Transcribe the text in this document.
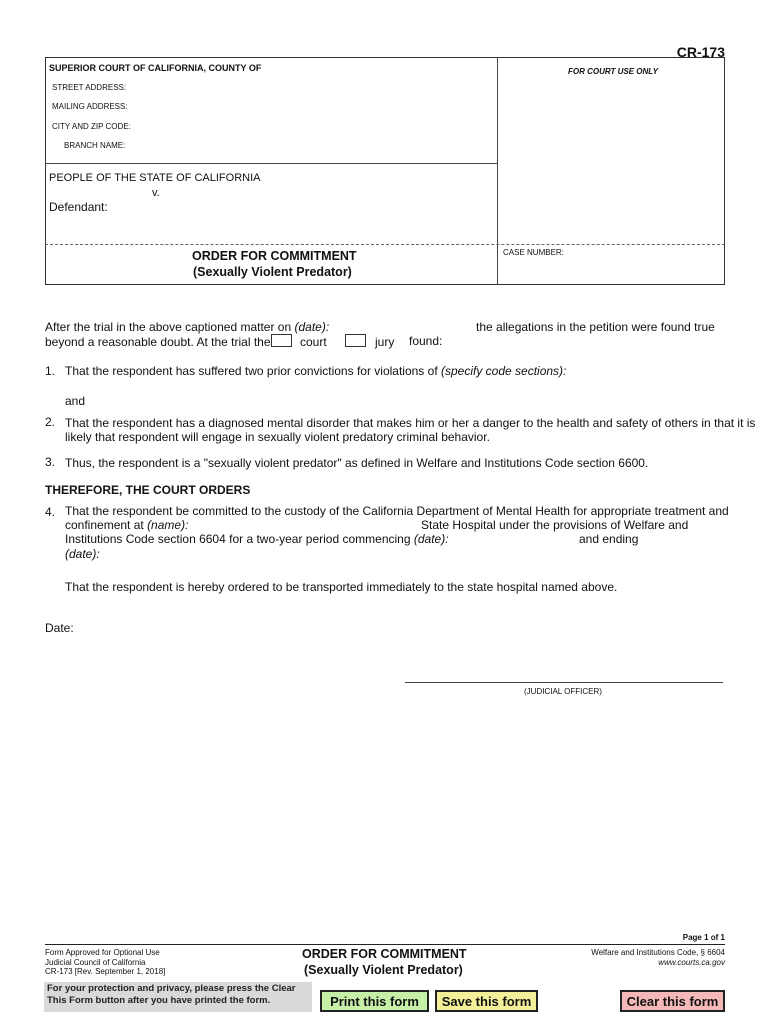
CR-173
SUPERIOR COURT OF CALIFORNIA, COUNTY OF	FOR COURT USE ONLY
STREET ADDRESS:
MAILING ADDRESS:
CITY AND ZIP CODE:
BRANCH NAME:
PEOPLE OF THE STATE OF CALIFORNIA
v.
Defendant:
ORDER FOR COMMITMENT
(Sexually Violent Predator)
CASE NUMBER:
After the trial in the above captioned matter on (date):	the allegations in the petition were found true
beyond a reasonable doubt. At the trial the court	jury found:
1. That the respondent has suffered two prior convictions for violations of (specify code sections):
and
2. That the respondent has a diagnosed mental disorder that makes him or her a danger to the health and safety of others in that it is
likely that respondent will engage in sexually violent predatory criminal behavior.
3. Thus, the respondent is a "sexually violent predator" as defined in Welfare and Institutions Code section 6600.
THEREFORE, THE COURT ORDERS
4. That the respondent be committed to the custody of the California Department of Mental Health for appropriate treatment and
confinement at (name):	State Hospital under the provisions of Welfare and
Institutions Code section 6604 for a two-year period commencing (date):	and ending
(date):
That the respondent is hereby ordered to be transported immediately to the state hospital named above.
Date:
(JUDICIAL OFFICER)
Page 1 of 1
Form Approved for Optional Use
Judicial Council of California
CR-173 [Rev. September 1, 2018]
ORDER FOR COMMITMENT
(Sexually Violent Predator)
Welfare and Institutions Code, § 6604
www.courts.ca.gov
For your protection and privacy, please press the Clear
This Form button after you have printed the form.	Print this form	Save this form	Clear this form
